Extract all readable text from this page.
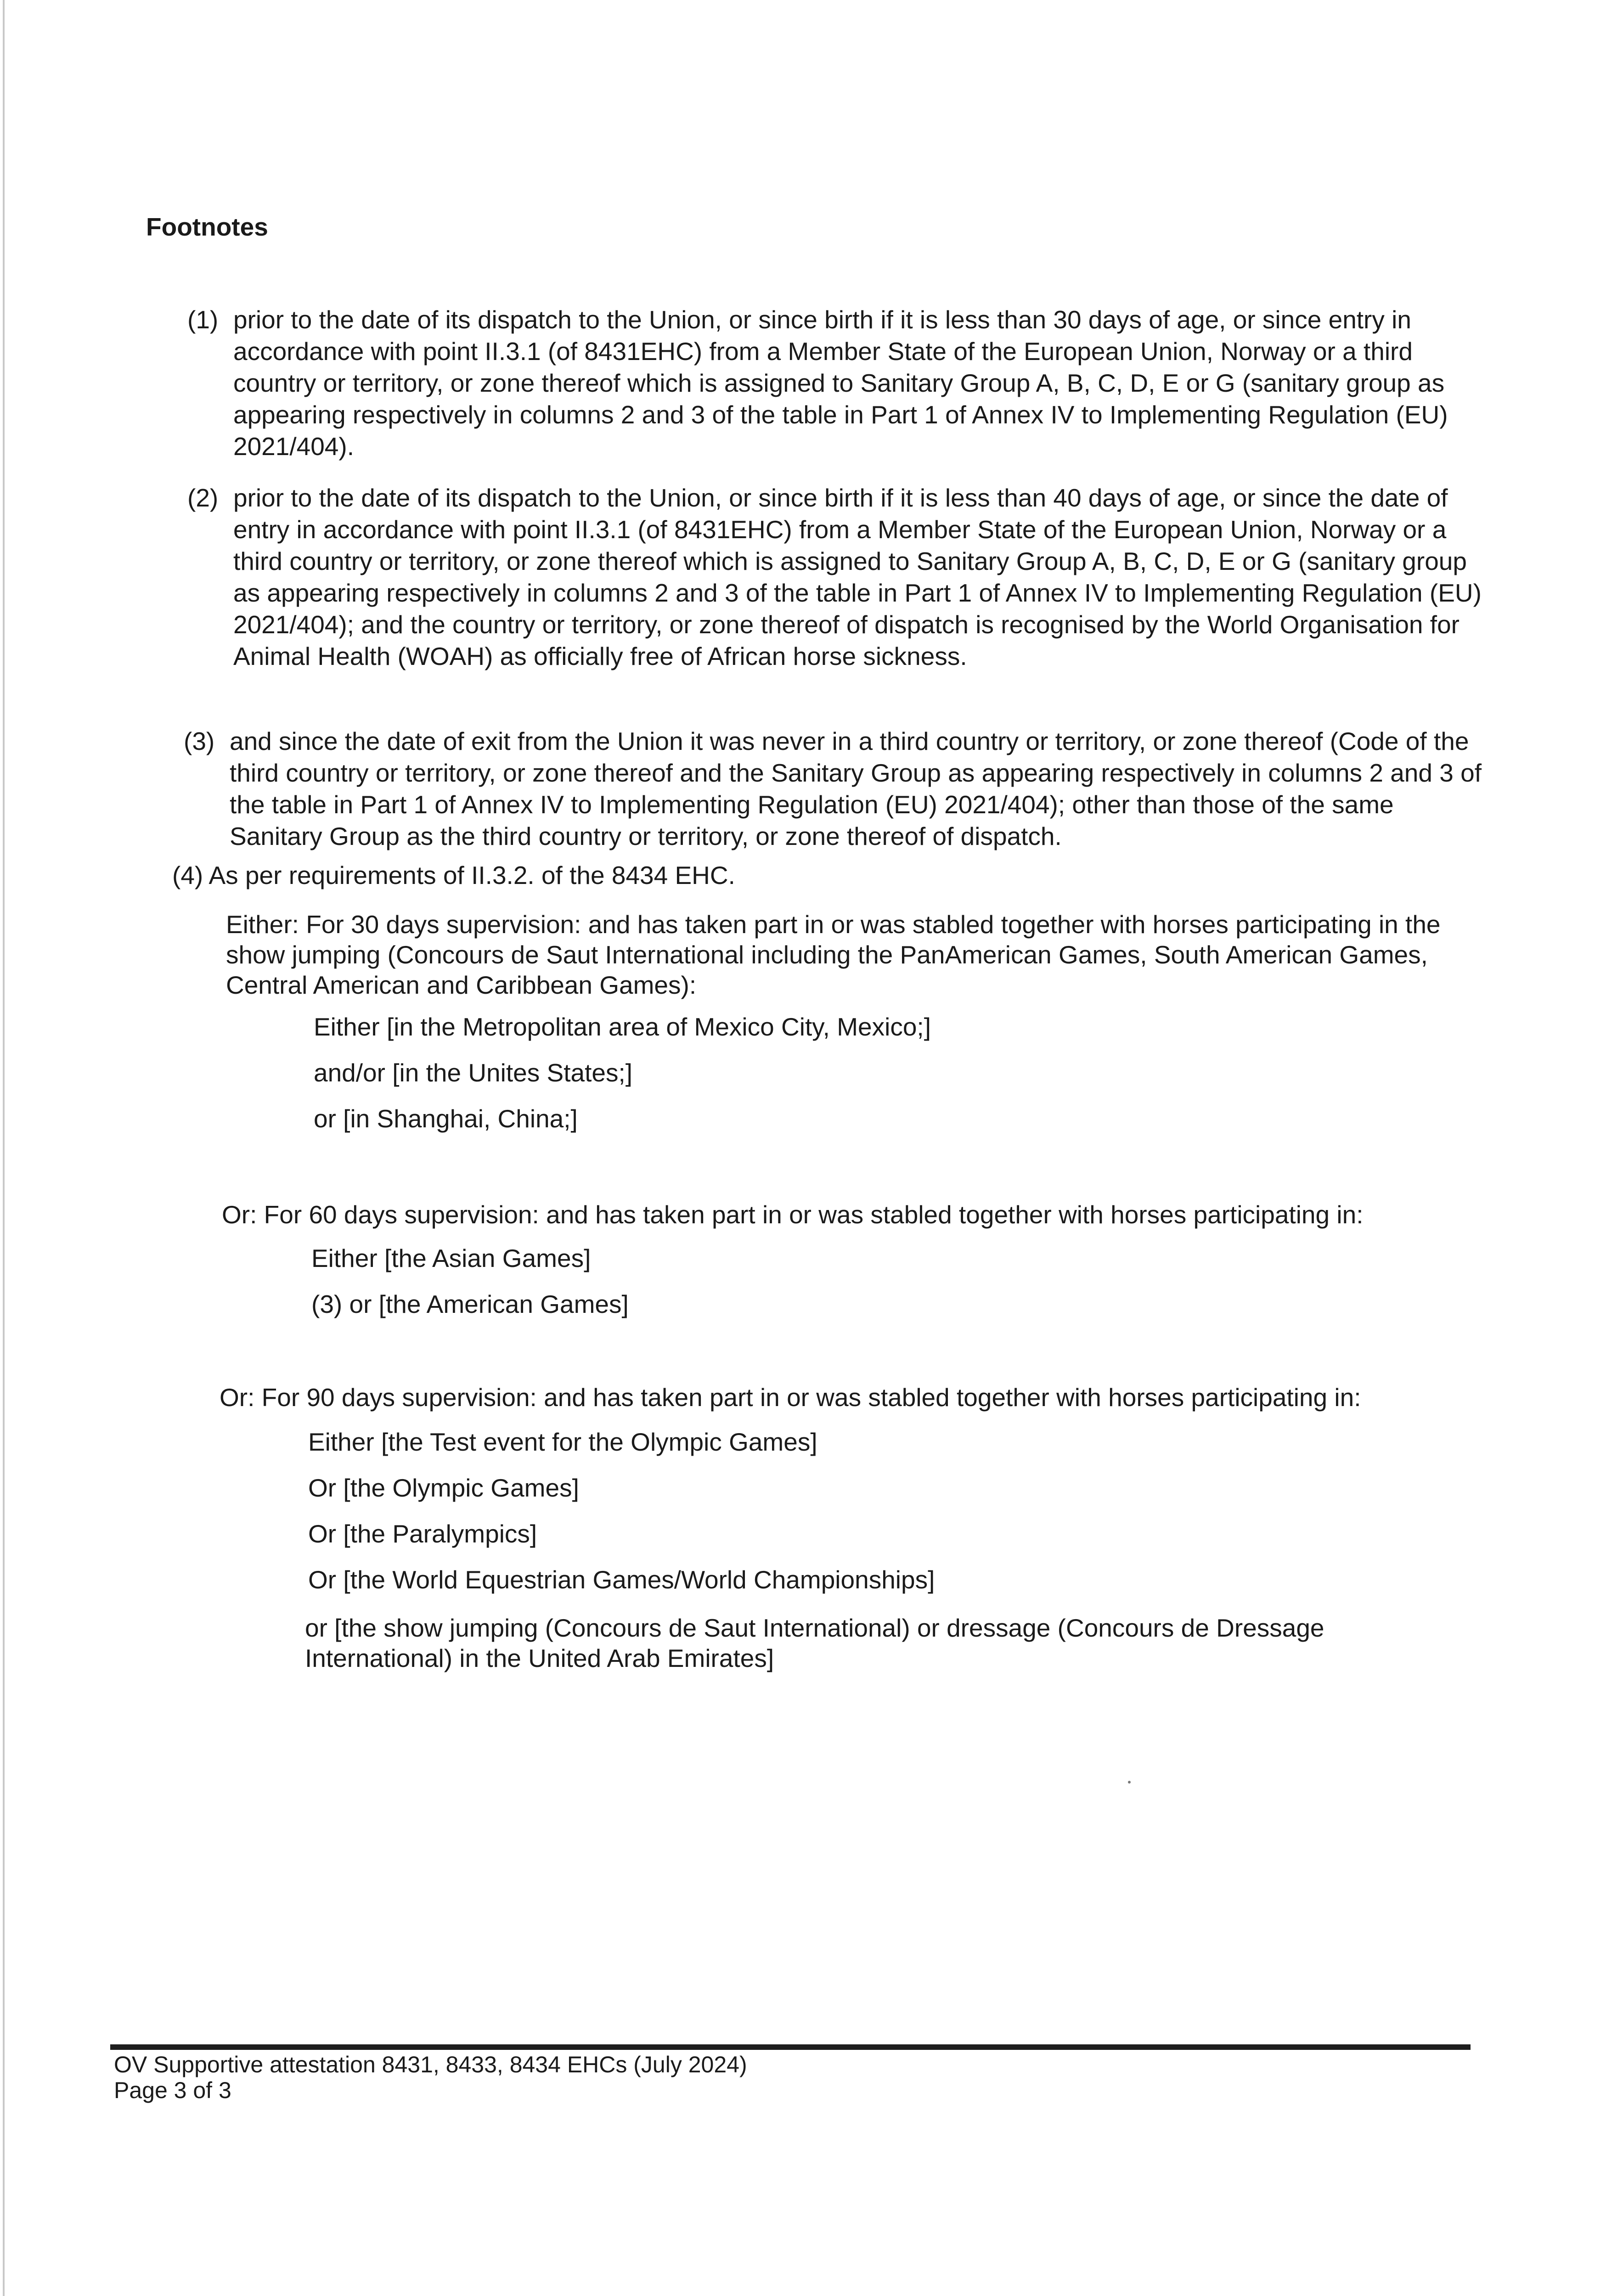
Footnotes
(1) prior to the date of its dispatch to the Union, or since birth if it is less than 30 days of age, or since entry in accordance with point II.3.1 (of 8431EHC) from a Member State of the European Union, Norway or a third country or territory, or zone thereof which is assigned to Sanitary Group A, B, C, D, E or G (sanitary group as appearing respectively in columns 2 and 3 of the table in Part 1 of Annex IV to Implementing Regulation (EU) 2021/404).
(2) prior to the date of its dispatch to the Union, or since birth if it is less than 40 days of age, or since the date of entry in accordance with point II.3.1 (of 8431EHC) from a Member State of the European Union, Norway or a third country or territory, or zone thereof which is assigned to Sanitary Group A, B, C, D, E or G (sanitary group as appearing respectively in columns 2 and 3 of the table in Part 1 of Annex IV to Implementing Regulation (EU) 2021/404); and the country or territory, or zone thereof of dispatch is recognised by the World Organisation for Animal Health (WOAH) as officially free of African horse sickness.
(3) and since the date of exit from the Union it was never in a third country or territory, or zone thereof (Code of the third country or territory, or zone thereof and the Sanitary Group as appearing respectively in columns 2 and 3 of the table in Part 1 of Annex IV to Implementing Regulation (EU) 2021/404); other than those of the same Sanitary Group as the third country or territory, or zone thereof of dispatch.

(4) As per requirements of II.3.2. of the 8434 EHC.

Either: For 30 days supervision: and has taken part in or was stabled together with horses participating in the show jumping (Concours de Saut International including the PanAmerican Games, South American Games, Central American and Caribbean Games):

Either [in the Metropolitan area of Mexico City, Mexico;]

and/or [in the Unites States;]

or [in Shanghai, China;]

Or: For 60 days supervision: and has taken part in or was stabled together with horses participating in:

Either [the Asian Games]

(3) or [the American Games]

Or: For 90 days supervision: and has taken part in or was stabled together with horses participating in:

Either [the Test event for the Olympic Games]

Or [the Olympic Games]

Or [the Paralympics]

Or [the World Equestrian Games/World Championships]

or [the show jumping (Concours de Saut International) or dressage (Concours de Dressage International) in the United Arab Emirates]

OV Supportive attestation 8431, 8433, 8434 EHCs (July 2024)
Page 3 of 3
